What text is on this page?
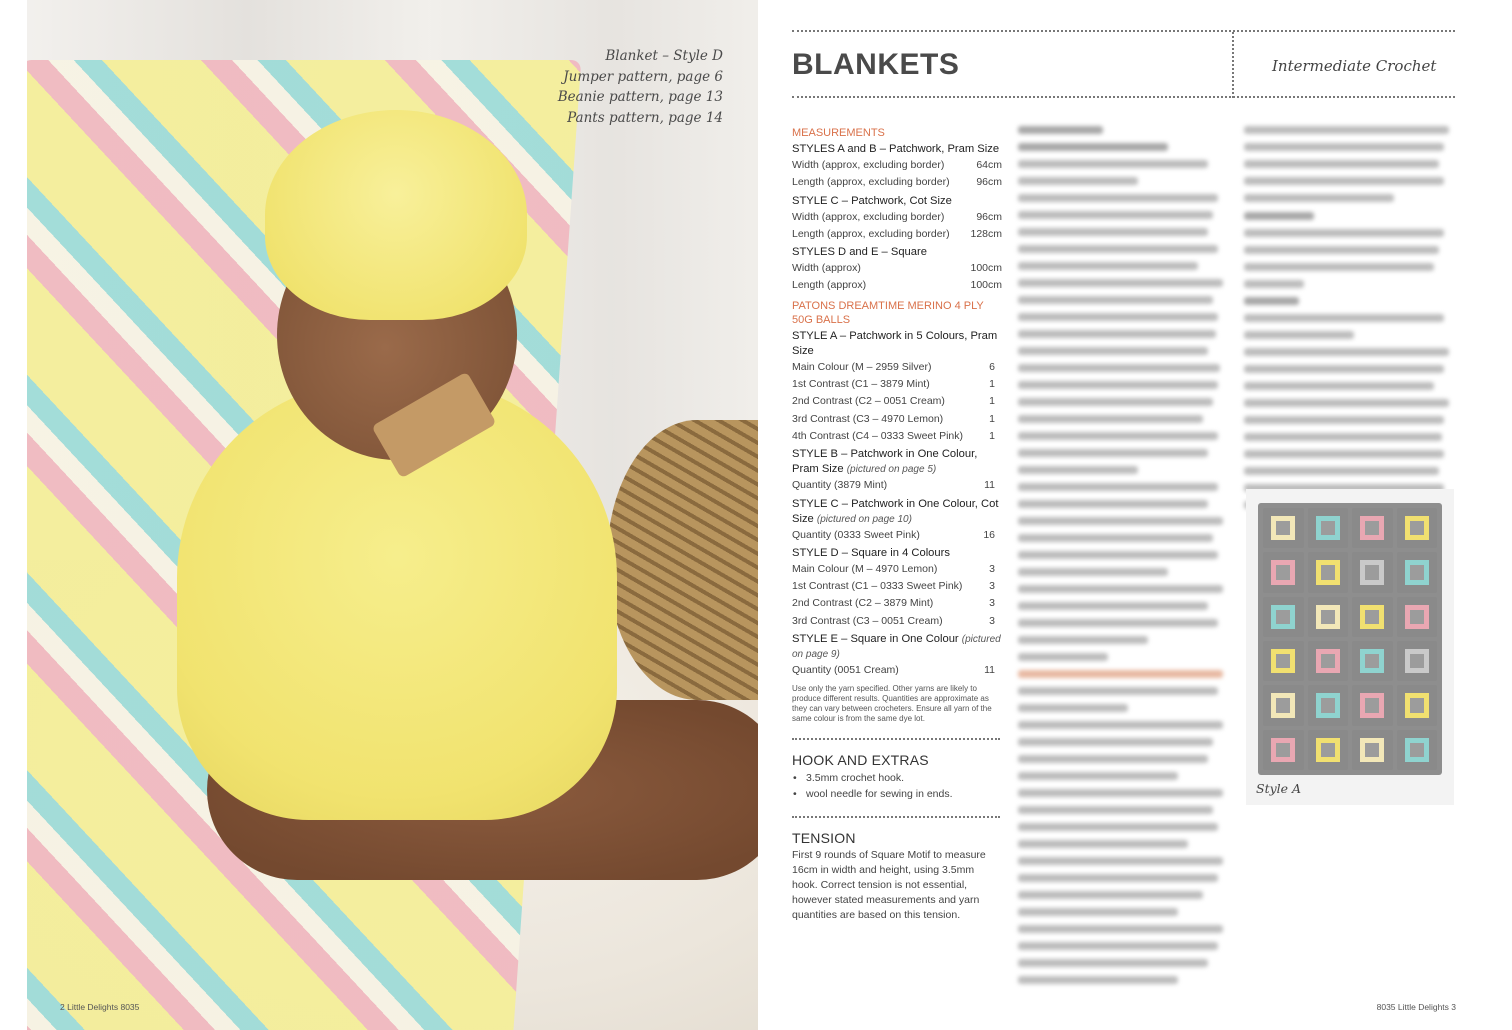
Blanket – Style D
Jumper pattern, page 6
Beanie pattern, page 13
Pants pattern, page 14
2 Little Delights 8035
BLANKETS	Intermediate Crochet
MEASUREMENTS
STYLES A and B – Patchwork, Pram Size
Width (approx, excluding border)	64cm
Length (approx, excluding border)	96cm
STYLE C – Patchwork, Cot Size
Width (approx, excluding border)	96cm
Length (approx, excluding border) 128cm
STYLES D and E – Square
Width (approx)	100cm
Length (approx)	100cm
PATONS DREAMTIME MERINO 4 PLY 50G BALLS
STYLE A – Patchwork in 5 Colours, Pram Size
Main Colour (M – 2959 Silver)	6
1st Contrast (C1 – 3879 Mint)	1
2nd Contrast (C2 – 0051 Cream)	1
3rd Contrast (C3 – 4970 Lemon)	1
4th Contrast (C4 – 0333 Sweet Pink)	1
STYLE B – Patchwork in One Colour, Pram Size (pictured on page 5)
Quantity (3879 Mint)	11
STYLE C – Patchwork in One Colour, Cot Size (pictured on page 10)
Quantity (0333 Sweet Pink)	16
STYLE D – Square in 4 Colours
Main Colour (M – 4970 Lemon)	3
1st Contrast (C1 – 0333 Sweet Pink)	3
2nd Contrast (C2 – 3879 Mint)	3
3rd Contrast (C3 – 0051 Cream)	3
STYLE E – Square in One Colour (pictured on page 9)
Quantity (0051 Cream)	11
Use only the yarn specified. Other yarns are likely to produce different results. Quantities are approximate as they can vary between crocheters. Ensure all yarn of the same colour is from the same dye lot.
HOOK AND EXTRAS
• 3.5mm crochet hook.
• wool needle for sewing in ends.
TENSION
First 9 rounds of Square Motif to measure 16cm in width and height, using 3.5mm hook. Correct tension is not essential, however stated measurements and yarn quantities are based on this tension.
Style A
8035 Little Delights 3
